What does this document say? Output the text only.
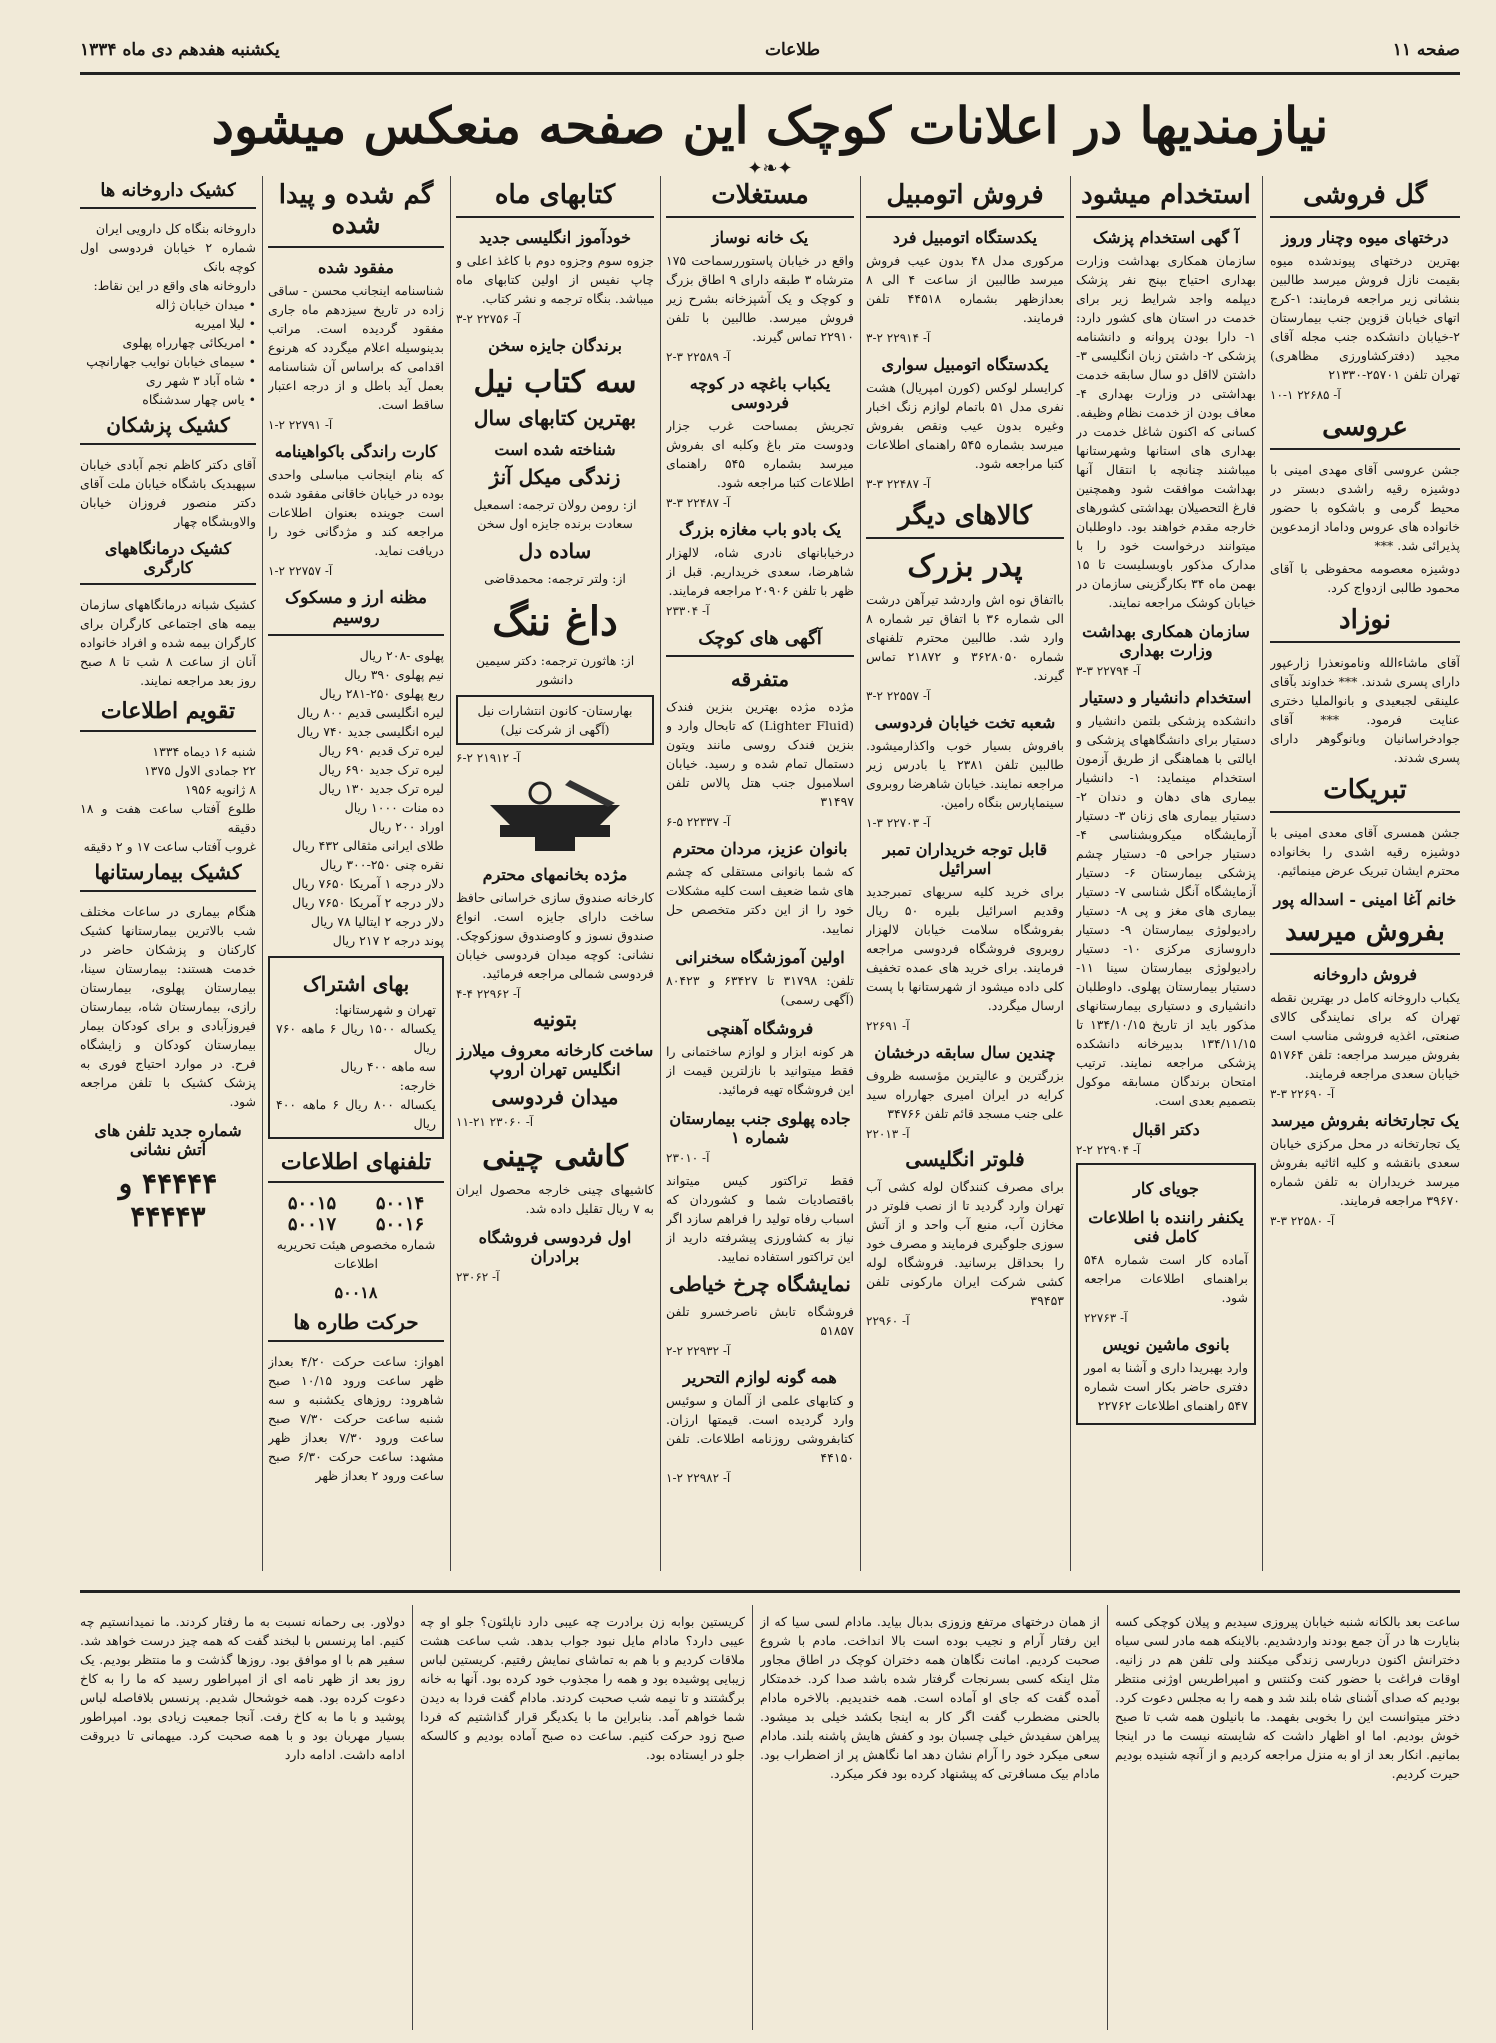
صفحه ۱۱
طلاعات
یکشنبه هفدهم دی ماه ۱۳۳۴
نیازمندیها در اعلانات کوچک این صفحه منعکس میشود
✦❧✦
گل فروشی
درختهای میوه وچنار وروز
بهترین درختهای پیوندشده میوه بقیمت نازل فروش میرسد طالبین بنشانی زیر مراجعه فرمایند: ۱-کرج اتهای خیابان قزوین جنب بیمارستان ۲-خیابان دانشکده جنب مجله آقای مجید (دفترکشاورزی مظاهری) تهران تلفن ۲۵۷۰۱-۲۱۳۳۰
آ- ۲۲۶۸۵ ۱-۱۰
عروسی
جشن عروسی آقای مهدی امینی با دوشیزه رقیه راشدی دبستر در محیط گرمی و باشکوه با حضور خانواده های عروس وداماد ازمدعوین پذیرائی شد. ***
دوشیزه معصومه محفوظی با آقای محمود طالبی ازدواج کرد.
نوزاد
آقای ماشاءالله ونامونعذرا زارعپور دارای پسری شدند. *** خداوند بآقای علینقی لجبعیدی و بانوالملیا دختری عنایت فرمود. *** آقای جوادخراسانیان وبانوگوهر دارای پسری شدند.
تبریکات
جشن همسری آقای معدی امینی با دوشیزه رقیه اشدی را بخانواده محترم ایشان تبریک عرض مینمائیم.
خانم آغا امینی - اسداله پور
بفروش میرسد
فروش داروخانه
یکباب داروخانه کامل در بهترین نقطه تهران که برای نمایندگی کالای صنعتی، اغذیه فروشی مناسب است بفروش میرسد مراجعه: تلفن ۵۱۷۶۴ خیابان سعدی مراجعه فرمایند.
آ- ۲۲۶۹۰ ۳-۳
یک تجارتخانه بفروش میرسد
یک تجارتخانه در محل مرکزی خیابان سعدی بانقشه و کلیه اثاثیه بفروش میرسد خریداران به تلفن شماره ۳۹۶۷۰ مراجعه فرمایند.
آ- ۲۲۵۸۰ ۳-۳
استخدام میشود
آ گهی استخدام پزشک
سازمان همکاری بهداشت وزارت بهداری احتیاج بپنج نفر پزشک دیپلمه واجد شرایط زیر برای خدمت در استان های کشور دارد: ۱- دارا بودن پروانه و دانشنامه پزشکی ۲- داشتن زبان انگلیسی ۳- داشتن لااقل دو سال سابقه خدمت بهداشتی در وزارت بهداری ۴- معاف بودن از خدمت نظام وظیفه. کسانی که اکنون شاغل خدمت در بهداری های استانها وشهرستانها میباشند چنانچه با انتقال آنها بهداشت موافقت شود وهمچنین فارغ التحصیلان بهداشتی کشورهای خارجه مقدم خواهند بود. داوطلبان میتوانند درخواست خود را با مدارک مذکور باوبسلیست تا ۱۵ بهمن ماه ۳۴ بکارگزینی سازمان در خیابان کوشک مراجعه نمایند.
سازمان همکاری بهداشت وزارت بهداری
آ- ۲۲۷۹۴ ۳-۳
استخدام دانشیار و دستیار
دانشکده پزشکی بلتمن دانشیار و دستیار برای دانشگاههای پزشکی و ایالتی با هماهنگی از طریق آزمون استخدام مینماید: ۱- دانشیار بیماری های دهان و دندان ۲- دستیار بیماری های زنان ۳- دستیار آزمایشگاه میکروبشناسی ۴- دستیار جراحی ۵- دستیار چشم پزشکی بیمارستان ۶- دستیار آزمایشگاه آنگل شناسی ۷- دستیار بیماری های مغز و پی ۸- دستیار رادیولوژی بیمارستان ۹- دستیار داروسازی مرکزی ۱۰- دستیار رادیولوژی بیمارستان سینا ۱۱- دستیار بیمارستان پهلوی. داوطلبان دانشیاری و دستیاری بیمارستانهای مذکور باید از تاریخ ۱۳۴/۱۰/۱۵ تا ۱۳۴/۱۱/۱۵ بدبیرخانه دانشکده پزشکی مراجعه نمایند. ترتیب امتحان برندگان مسابقه موکول بتصمیم بعدی است.
دکتر اقبال
آ- ۲۲۹۰۴ ۲-۲
جویای کار
یکنفر راننده با اطلاعات کامل فنی
آماده کار است شماره ۵۴۸ براهنمای اطلاعات مراجعه شود.
آ- ۲۲۷۶۳
بانوی ماشین نویس
وارد بهبریدا داری و آشنا به امور دفتری حاضر بکار است شماره ۵۴۷ راهنمای اطلاعات ۲۲۷۶۲
فروش اتومبیل
یکدستگاه اتومبیل فرد
مرکوری مدل ۴۸ بدون عیب فروش میرسد طالبین از ساعت ۴ الی ۸ بعدازظهر بشماره ۴۴۵۱۸ تلفن فرمایند.
آ- ۲۲۹۱۴ ۲-۳
یکدستگاه اتومبیل سواری
کرایسلر لوکس (کورن امپریال) هشت نفری مدل ۵۱ باتمام لوازم زنگ اخبار وغیره بدون عیب ونقص بفروش میرسد بشماره ۵۴۵ راهنمای اطلاعات کتبا مراجعه شود.
آ- ۲۲۴۸۷ ۳-۳
کالاهای دیگر
پدر بزرک
بااتفاق نوه اش واردشد تیرآهن درشت الی شماره ۳۶ با اتفاق تیر شماره ۸ وارد شد. طالبین محترم تلفنهای شماره ۳۶۲۸۰۵۰ و ۲۱۸۷۲ تماس گیرند.
آ- ۲۲۵۵۷ ۲-۳
شعبه تخت خیابان فردوسی
بافروش بسیار خوب واکذارمیشود. طالبین تلفن ۲۳۸۱ یا بادرس زیر مراجعه نمایند. خیابان شاهرضا روبروی سینماپارس بنگاه رامین.
آ- ۲۲۷۰۳ ۳-۱
قابل توجه خریداران تمبر اسرائیل
برای خرید کلیه سریهای تمبرجدید وقدیم اسرائیل بلیره ۵۰ ریال بفروشگاه سلامت خیابان لالهزار روبروی فروشگاه فردوسی مراجعه فرمایند. برای خرید های عمده تخفیف کلی داده میشود از شهرستانها با پست ارسال میگردد.
آ- ۲۲۶۹۱
چندین سال سابقه درخشان
بزرگترین و عالیترین مؤسسه ظروف کرایه در ایران امیری جهارراه سید علی جنب مسجد قائم تلفن ۳۴۷۶۶
آ- ۲۲۰۱۳
فلوتر انگلیسی
برای مصرف کنندگان لوله کشی آب تهران وارد گردید تا از نصب فلوتر در مخازن آب، منبع آب واحد و از آتش سوزی جلوگیری فرمایند و مصرف خود را بحداقل برسانید. فروشگاه لوله کشی شرکت ایران مارکونی تلفن ۳۹۴۵۳
آ- ۲۲۹۶۰
مستغلات
یک خانه نوساز
واقع در خیابان پاستوررسماحت ۱۷۵ مترشاه ۳ طبقه دارای ۹ اطاق بزرگ و کوچک و یک آشپزخانه بشرح زیر فروش میرسد. طالبین با تلفن ۲۲۹۱۰ تماس گیرند.
آ- ۲۲۵۸۹ ۳-۲
یکباب باغچه در کوچه فردوسی
تجریش بمساحت غرب جزار ودوست متر باغ وکلبه ای بفروش میرسد بشماره ۵۴۵ راهنمای اطلاعات کتبا مراجعه شود.
آ- ۲۲۴۸۷ ۳-۳
یک بادو باب مغازه بزرگ
درخیابانهای نادری شاه، لالهزار شاهرضا، سعدی خریداریم. قبل از ظهر با تلفن ۲۰۹۰۶ مراجعه فرمایند.
آ- ۲۳۳۰۴
آگهی های کوچک
متفرقه
مژده مژده بهترین بنزین فندک (Lighter Fluid) که تابحال وارد و بنزین فندک روسی مانند ویتون دستمال تمام شده و رسید. خیابان اسلامبول جنب هتل پالاس تلفن ۳۱۴۹۷
آ- ۲۲۳۳۷ ۵-۶
بانوان عزیز، مردان محترم
که شما بانوانی مستقلی که چشم های شما ضعیف است کلیه مشکلات خود را از این دکتر متخصص حل نمایید.
اولین آموزشگاه سخنرانی
تلفن: ۳۱۷۹۸ تا ۶۳۴۲۷ و ۸۰۴۲۳ (آگهی رسمی)
فروشگاه آهنچی
هر کونه ابزار و لوازم ساختمانی را فقط میتوانید با نازلترین قیمت از این فروشگاه تهیه فرمائید.
جاده پهلوی جنب بیمارستان شماره ۱
آ- ۲۳۰۱۰
فقط تراکتور کیس میتواند باقتصادیات شما و کشوردان که اسباب رفاه تولید را فراهم سازد اگر نیاز به کشاورزی پیشرفته دارید از این تراکتور استفاده نمایید.
نمایشگاه چرخ خیاطی
فروشگاه تابش ناصرخسرو تلفن ۵۱۸۵۷
آ- ۲۲۹۳۲ ۲-۲
همه گونه لوازم التحریر
و کتابهای علمی از آلمان و سوئیس وارد گردیده است. قیمتها ارزان. کتابفروشی روزنامه اطلاعات. تلفن ۴۴۱۵۰
آ- ۲۲۹۸۲ ۲-۱
کتابهای ماه
خودآموز انگلیسی جدید
جزوه سوم وجزوه دوم با کاغذ اعلی و چاپ نفیس از اولین کتابهای ماه میباشد. بنگاه ترجمه و نشر کتاب.
آ- ۲۲۷۵۶ ۲-۳
برندگان جایزه سخن
سه کتاب نیل
بهترین کتابهای سال
شناخته شده است
زندگی میکل آنژ
از: رومن رولان ترجمه: اسمعیل سعادت برنده جایزه اول سخن
ساده دل
از: ولتر ترجمه: محمدقاضی
داغ ننگ
از: هاثورن ترجمه: دکتر سیمین دانشور
بهارستان- کانون انتشارات نیل (آگهی از شرکت نیل)
آ- ۲۱۹۱۲ ۲-۶
مژده بخانمهای محترم
کارخانه صندوق سازی خراسانی حافظ ساخت دارای جایزه است. انواع صندوق نسوز و کاوصندوق سوزکوچک. نشانی: کوچه میدان فردوسی خیابان فردوسی شمالی مراجعه فرمائید.
آ- ۲۲۹۶۲ ۴-۴
بتونیه
ساخت کارخانه معروف میلارز انگلیس تهران اروپ
میدان فردوسی
آ- ۲۳۰۶۰ ۲۱-۱۱
کاشی چینی
کاشیهای چینی خارجه محصول ایران به ۷ ریال تقلیل داده شد.
اول فردوسی فروشگاه برادران
آ- ۲۳۰۶۲
گم شده و پیدا شده
مفقود شده
شناسنامه اینجانب محسن - ساقی زاده در تاریخ سیزدهم ماه جاری مفقود گردیده است. مراتب بدینوسیله اعلام میگردد که هرنوع اقدامی که براساس آن شناسنامه بعمل آید باطل و از درجه اعتبار ساقط است.
آ- ۲۲۷۹۱ ۲-۱
کارت راندگی باکواهینامه
که بنام اینجانب مباسلی واحدی بوده در خیابان خاقانی مفقود شده است جوینده بعنوان اطلاعات مراجعه کند و مژدگانی خود را دریافت نماید.
آ- ۲۲۷۵۷ ۲-۱
مظنه ارز و مسکوک روسیم
پهلوی -۲۰۸ ریال
نیم پهلوی ۳۹۰ ریال
ربع پهلوی ۲۵۰-۲۸۱ ریال
لیره انگلیسی قدیم ۸۰۰ ریال
لیره انگلیسی جدید ۷۴۰ ریال
لیره ترک قدیم ۶۹۰ ریال
لیره ترک جدید ۶۹۰ ریال
لیره ترک جدید ۱۳۰ ریال
ده منات ۱۰۰۰ ریال
اوراد ۲۰۰ ریال
طلای ایرانی مثقالی ۴۳۲ ریال
نقره چنی ۲۵۰-۳۰۰ ریال
دلار درجه ۱ آمریکا ۷۶۵۰ ریال
دلار درجه ۲ آمریکا ۷۶۵۰ ریال
دلار درجه ۲ ایتالیا ۷۸ ریال
پوند درجه ۲ ۲۱۷ ریال
بهای اشتراک
تهران و شهرستانها:
یکساله ۱۵۰۰ ریال ۶ ماهه ۷۶۰ ریال
سه ماهه ۴۰۰ ریال
خارجه:
یکساله ۸۰۰ ریال ۶ ماهه ۴۰۰ ریال
تلفنهای اطلاعات
۵۰۰۱۴
۵۰۰۱۵
۵۰۰۱۶
۵۰۰۱۷
شماره مخصوص هیئت تحریریه اطلاعات
۵۰۰۱۸
حرکت طاره ها
اهواز: ساعت حرکت ۴/۲۰ بعداز ظهر ساعت ورود ۱۰/۱۵ صبح شاهرود: روزهای یکشنبه و سه شنبه ساعت حرکت ۷/۳۰ صبح ساعت ورود ۷/۳۰ بعداز ظهر مشهد: ساعت حرکت ۶/۳۰ صبح ساعت ورود ۲ بعداز ظهر
کشیک داروخانه ها
داروخانه بنگاه کل دارویی ایران
شماره ۲ خیابان فردوسی اول کوچه بانک
داروخانه های واقع در این نقاط:
• میدان خیابان ژاله
• لیلا امیریه
• امریکائی چهارراه پهلوی
• سیمای خیابان نوایب جهارانچپ
• شاه آباد ۳ شهر ری
• یاس چهار سدشنگاه
کشیک پزشکان
آقای دکتر کاظم نجم آبادی خیابان سپهبدیک باشگاه خیابان ملت آقای دکتر منصور فروزان خیابان والاوبشگاه چهار
کشیک درمانگاههای کارگری
کشیک شبانه درمانگاههای سازمان بیمه های اجتماعی کارگران برای کارگران بیمه شده و افراد خانواده آنان از ساعت ۸ شب تا ۸ صبح روز بعد مراجعه نمایند.
تقویم اطلاعات
شنبه ۱۶ دیماه ۱۳۳۴
۲۲ جمادی الاول ۱۳۷۵
۸ ژانویه ۱۹۵۶
طلوع آفتاب ساعت هفت و ۱۸ دقیقه
غروب آفتاب ساعت ۱۷ و ۲ دقیقه
کشیک بیمارستانها
هنگام بیماری در ساعات مختلف شب بالاترین بیمارستانها کشیک کارکنان و پزشکان حاضر در خدمت هستند: بیمارستان سینا، بیمارستان پهلوی، بیمارستان رازی، بیمارستان شاه، بیمارستان فیروزآبادی و برای کودکان بیمار بیمارستان کودکان و زایشگاه فرح. در موارد احتیاج فوری به پزشک کشیک با تلفن مراجعه شود.
شماره جدید تلفن های آتش نشانی
۴۴۴۴۴ و ۴۴۴۴۳
ساعت بعد بالکانه شنبه خیابان پیروزی سیدیم و پیلان کوچکی کسه بنایارت ها در آن جمع بودند واردشدیم. بالاینکه همه مادر لسی سیاه دخترانش اکنون دربارسی زندگی میکنند ولی تلفن هم در زانیه. اوقات فراغت با حضور کنت وکنتس و امپراطریس اوژنی منتظر بودیم که صدای آشنای شاه بلند شد و همه را به مجلس دعوت کرد. دختر میتوانست این را بخوبی بفهمد. ما بانیلون همه شب تا صبح خوش بودیم. اما او اظهار داشت که شایسته نیست ما در اینجا بمانیم. انکار بعد از او به منزل مراجعه کردیم و از آنچه شنیده بودیم حیرت کردیم.
از همان درختهای مرتفع وزوزی بدبال بیاید. مادام لسی سیا که از این رفتار آرام و نجیب بوده است بالا انداخت. مادم با شروع صحبت کردیم. امانت نگاهان همه دختران کوچک در اطاق مجاور مثل اینکه کسی بسرنجات گرفتار شده باشد صدا کرد. خدمتکار آمده گفت که جای او آماده است. همه خندیدیم. بالاخره مادام بالحنی مضطرب گفت اگر کار به اینجا بکشد خیلی بد میشود. پیراهن سفیدش خیلی چسبان بود و کفش هایش پاشنه بلند. مادام سعی میکرد خود را آرام نشان دهد اما نگاهش پر از اضطراب بود. مادام بیک مسافرتی که پیشنهاد کرده بود فکر میکرد.
کریستین بوابه زن برادرت چه عیبی دارد ناپلئون؟ جلو او چه عیبی دارد؟ مادام مایل نبود جواب بدهد. شب ساعت هشت ملاقات کردیم و با هم به تماشای نمایش رفتیم. کریستین لباس زیبایی پوشیده بود و همه را مجذوب خود کرده بود. آنها به خانه برگشتند و تا نیمه شب صحبت کردند. مادام گفت فردا به دیدن شما خواهم آمد. بنابراین ما با یکدیگر قرار گذاشتیم که فردا صبح زود حرکت کنیم. ساعت ده صبح آماده بودیم و کالسکه جلو در ایستاده بود.
دولاور. بی رحمانه نسبت به ما رفتار کردند. ما نمیدانستیم چه کنیم. اما پرنسس با لبخند گفت که همه چیز درست خواهد شد. سفیر هم با او موافق بود. روزها گذشت و ما منتظر بودیم. یک روز بعد از ظهر نامه ای از امپراطور رسید که ما را به کاخ دعوت کرده بود. همه خوشحال شدیم. پرنسس بلافاصله لباس پوشید و با ما به کاخ رفت. آنجا جمعیت زیادی بود. امپراطور بسیار مهربان بود و با همه صحبت کرد. میهمانی تا دیروقت ادامه داشت. ادامه دارد
